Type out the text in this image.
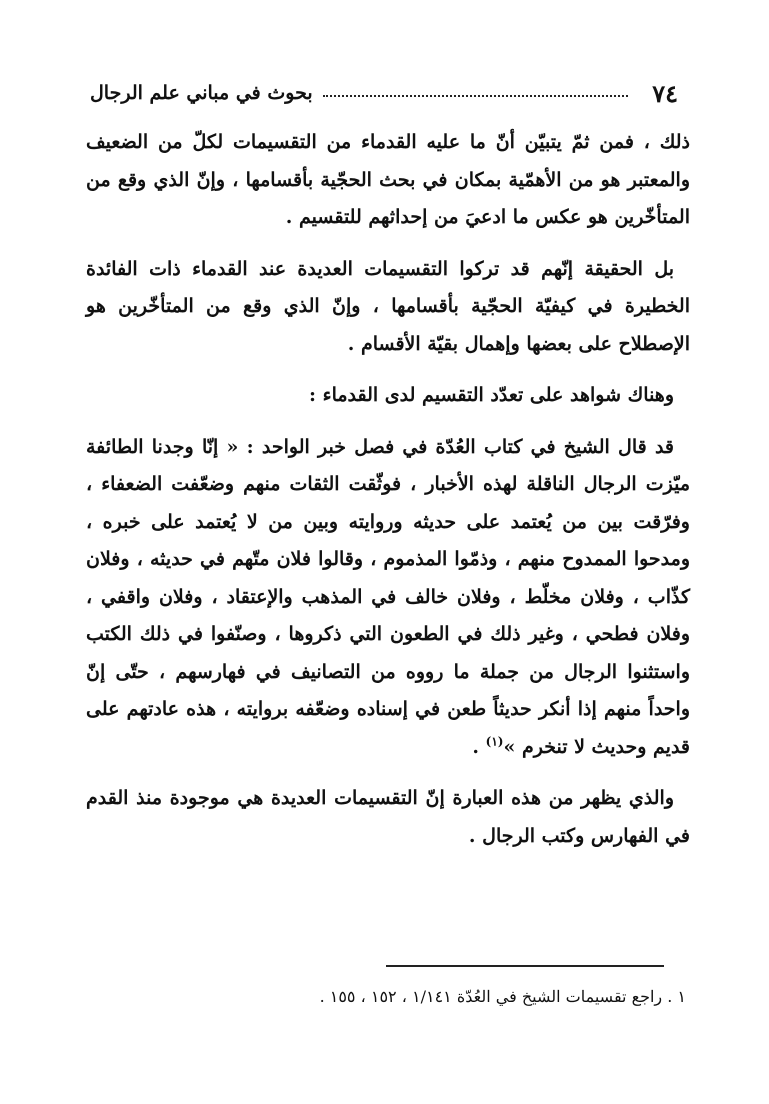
٧٤
بحوث في مباني علم الرجال

ذلك ، فمن ثمّ يتبيّن أنّ ما عليه القدماء من التقسيمات لكلّ من الضعيف والمعتبر هو من الأهمّية بمكان في بحث الحجّية بأقسامها ، وإنّ الذي وقع من المتأخّرين هو عكس ما ادعيَ من إحداثهم للتقسيم .

بل الحقيقة إنّهم قد تركوا التقسيمات العديدة عند القدماء ذات الفائدة الخطيرة في كيفيّة الحجّية بأقسامها ، وإنّ الذي وقع من المتأخّرين هو الإصطلاح على بعضها وإهمال بقيّة الأقسام .

وهناك شواهد على تعدّد التقسيم لدى القدماء :

قد قال الشيخ في كتاب العُدّة في فصل خبر الواحد : « إنّا وجدنا الطائفة ميّزت الرجال الناقلة لهذه الأخبار ، فوثّقت الثقات منهم وضعّفت الضعفاء ، وفرّقت بين من يُعتمد على حديثه وروايته وبين من لا يُعتمد على خبره ، ومدحوا الممدوح منهم ، وذمّوا المذموم ، وقالوا فلان متّهم في حديثه ، وفلان كذّاب ، وفلان مخلّط ، وفلان خالف في المذهب والإعتقاد ، وفلان واقفي ، وفلان فطحي ، وغير ذلك في الطعون التي ذكروها ، وصنّفوا في ذلك الكتب واستثنوا الرجال من جملة ما رووه من التصانيف في فهارسهم ، حتّى إنّ واحداً منهم إذا أنكر حديثاً طعن في إسناده وضعّفه بروايته ، هذه عادتهم على قديم وحديث لا تنخرم »$^{(١)}$ .

والذي يظهر من هذه العبارة إنّ التقسيمات العديدة هي موجودة منذ القدم في الفهارس وكتب الرجال .

١ . راجع تقسيمات الشيخ في العُدّة ١/١٤١ ، ١٥٢ ، ١٥٥ .
